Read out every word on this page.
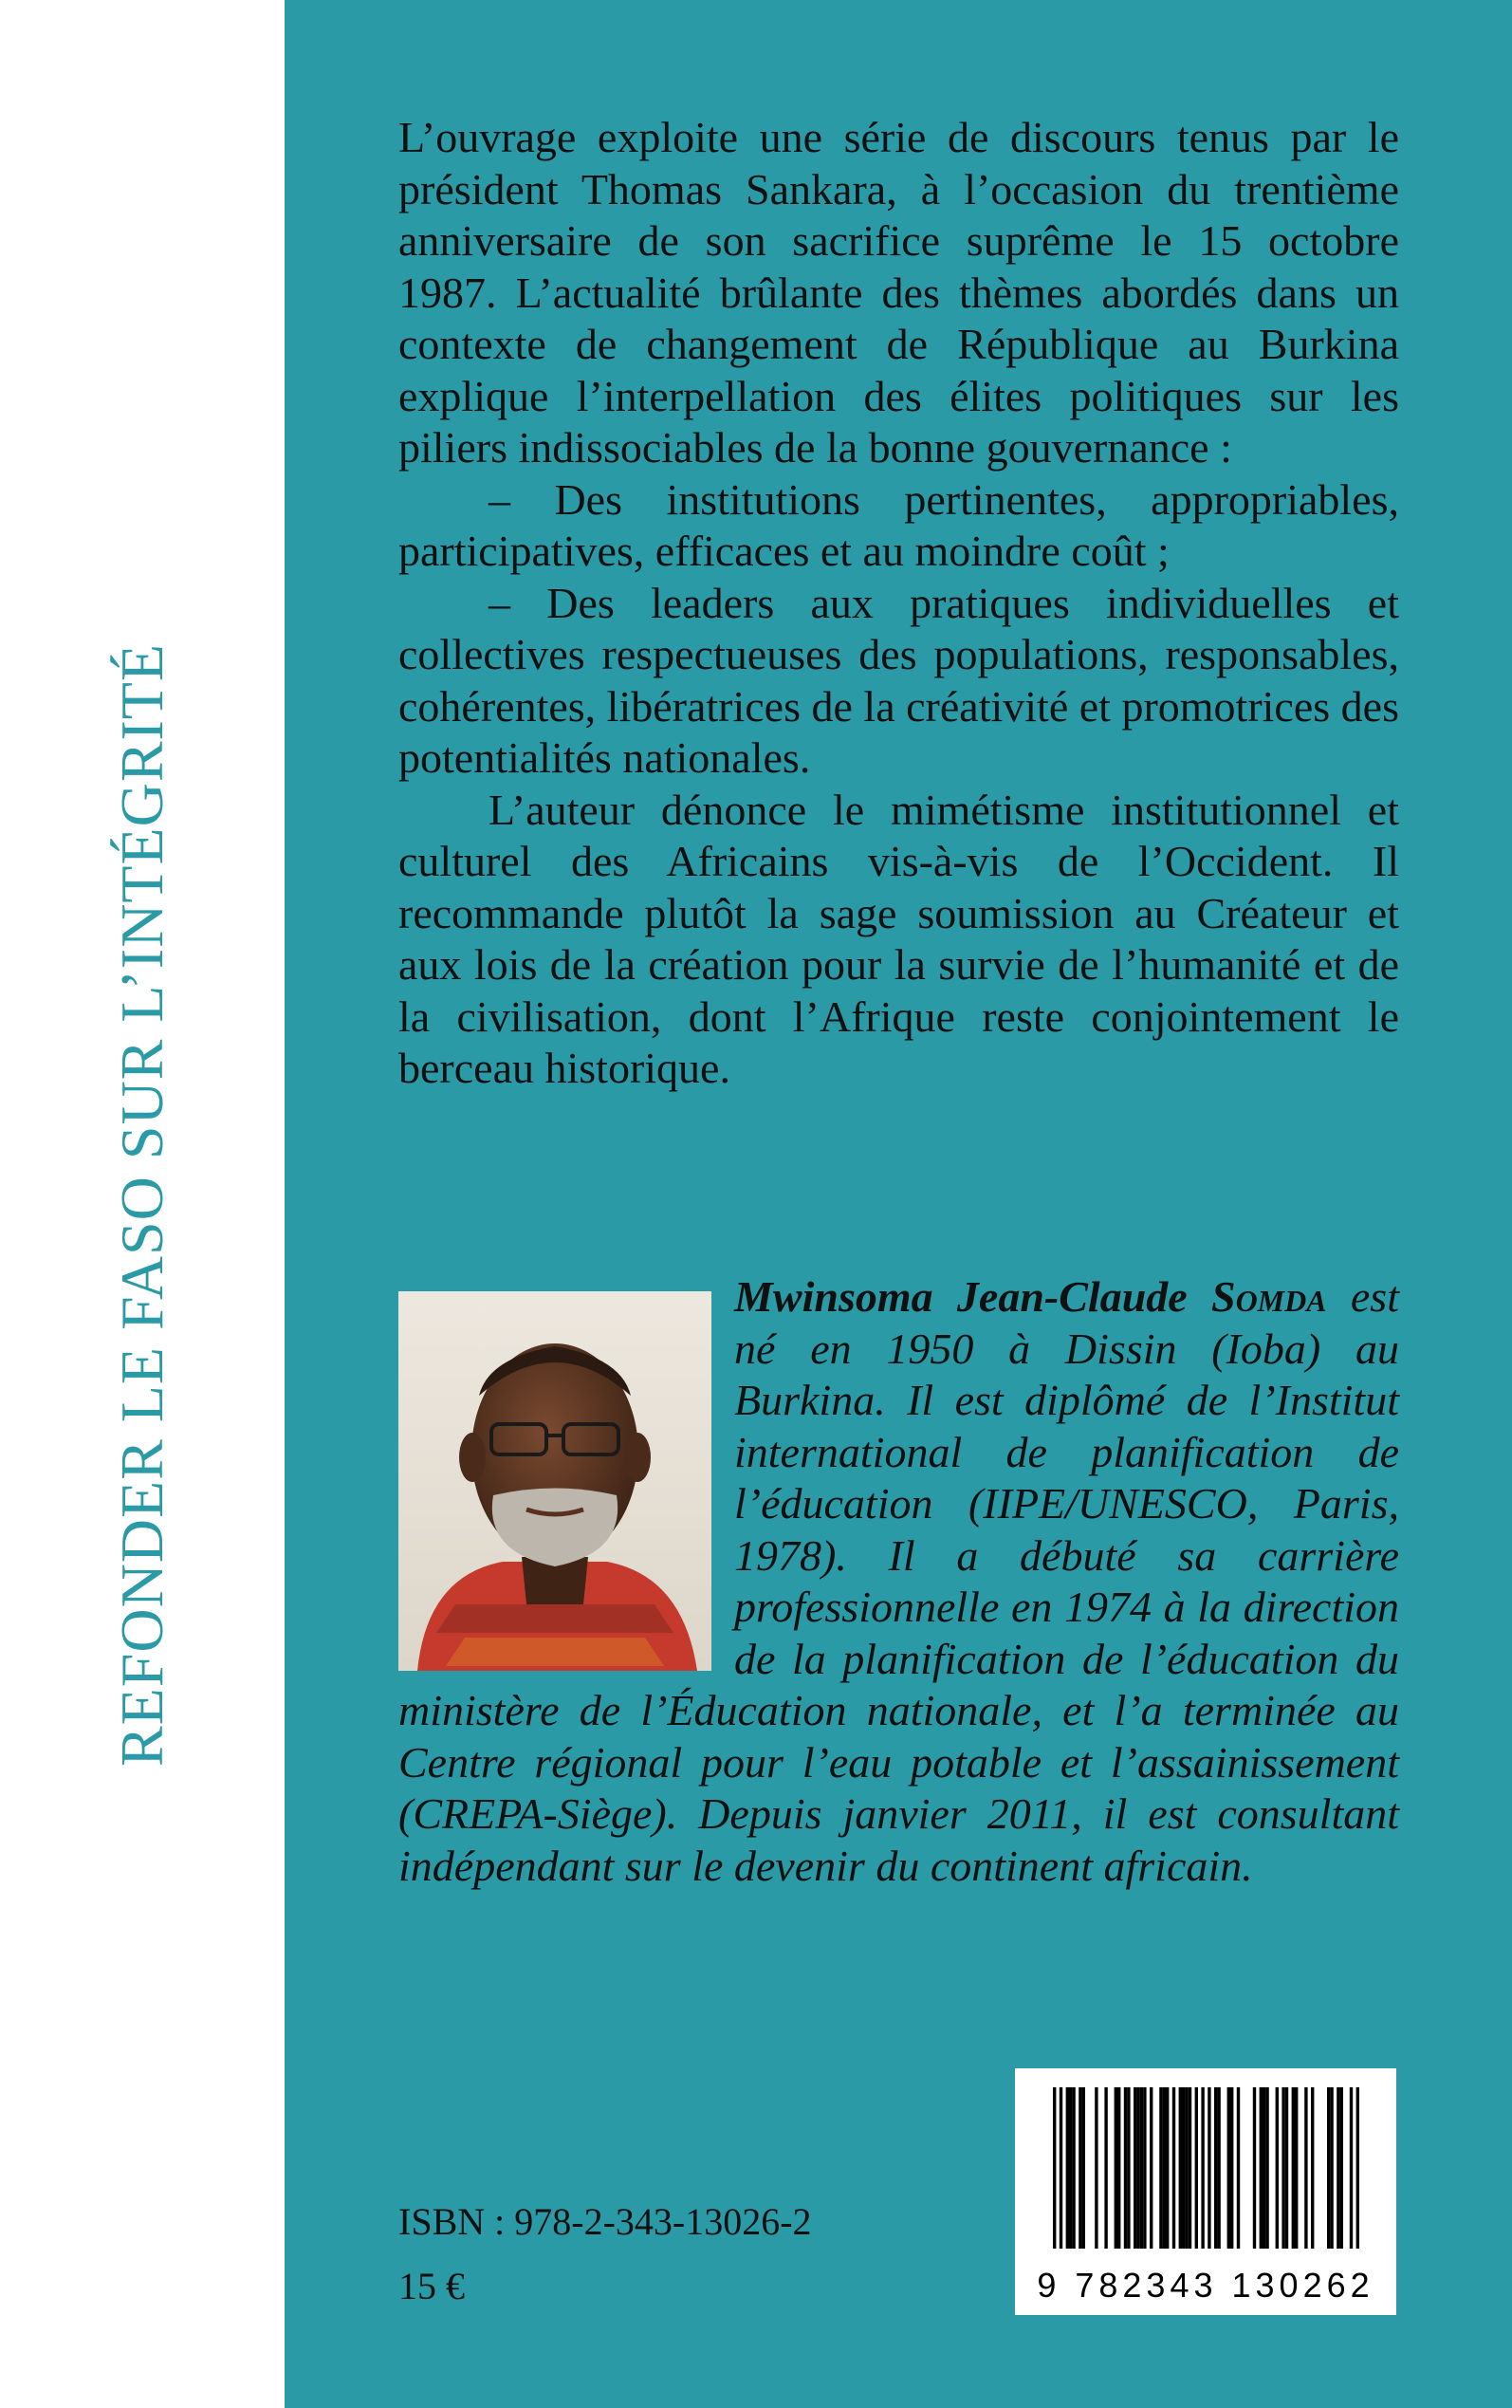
REFONDER LE FASO SUR L’INTÉGRITÉ

L’ouvrage exploite une série de discours tenus par le président Thomas Sankara, à l’occasion du trentième anniversaire de son sacrifice suprême le 15 octobre 1987. L’actualité brûlante des thèmes abordés dans un contexte de changement de République au Burkina explique l’interpellation des élites politiques sur les piliers indissociables de la bonne gouvernance :

– Des institutions pertinentes, appropriables, participatives, efficaces et au moindre coût ;

– Des leaders aux pratiques individuelles et collectives respectueuses des populations, responsables, cohérentes, libératrices de la créativité et promotrices des potentialités nationales.

L’auteur dénonce le mimétisme institutionnel et culturel des Africains vis-à-vis de l’Occident. Il recommande plutôt la sage soumission au Créateur et aux lois de la création pour la survie de l’humanité et de la civilisation, dont l’Afrique reste conjointement le berceau historique.

Mwinsoma Jean-Claude Somda est né en 1950 à Dissin (Ioba) au Burkina. Il est diplômé de l’Institut international de planification de l’éducation (IIPE/UNESCO, Paris, 1978). Il a débuté sa carrière professionnelle en 1974 à la direction de la planification de l’éducation du ministère de l’Éducation nationale, et l’a terminée au Centre régional pour l’eau potable et l’assainissement (CREPA-Siège). Depuis janvier 2011, il est consultant indépendant sur le devenir du continent africain.
ISBN : 978-2-343-13026-2
15 €	9 782343 130262
